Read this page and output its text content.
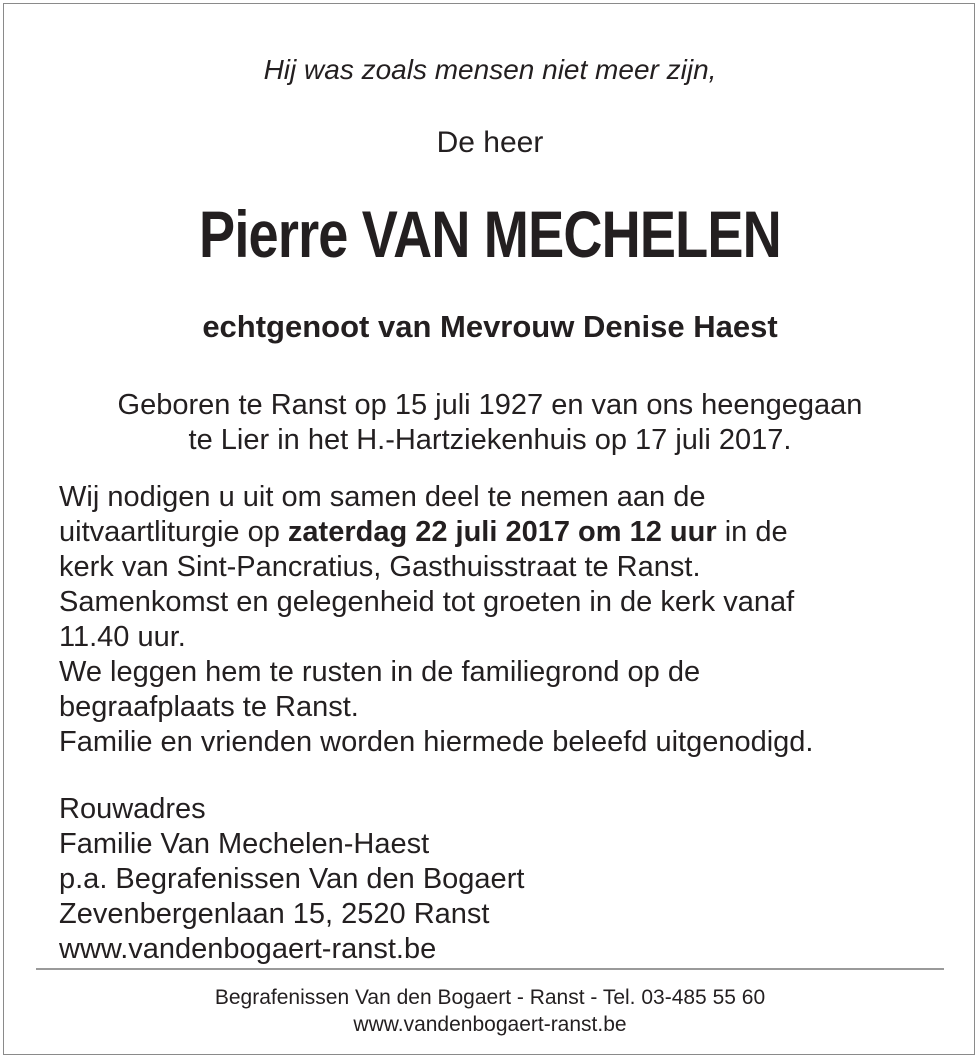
Hij was zoals mensen niet meer zijn,
De heer
Pierre VAN MECHELEN
echtgenoot van Mevrouw Denise Haest
Geboren te Ranst op 15 juli 1927 en van ons heengegaan
te Lier in het H.-Hartziekenhuis op 17 juli 2017.
Wij nodigen u uit om samen deel te nemen aan de
uitvaartliturgie op zaterdag 22 juli 2017 om 12 uur in de
kerk van Sint-Pancratius, Gasthuisstraat te Ranst.
Samenkomst en gelegenheid tot groeten in de kerk vanaf
11.40 uur.
We leggen hem te rusten in de familiegrond op de
begraafplaats te Ranst.
Familie en vrienden worden hiermede beleefd uitgenodigd.
Rouwadres
Familie Van Mechelen-Haest
p.a. Begrafenissen Van den Bogaert
Zevenbergenlaan 15, 2520 Ranst
www.vandenbogaert-ranst.be
Begrafenissen Van den Bogaert - Ranst - Tel. 03-485 55 60
www.vandenbogaert-ranst.be
